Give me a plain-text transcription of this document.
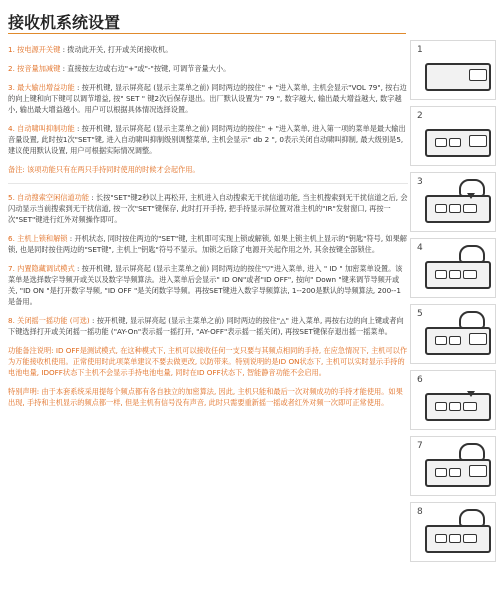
接收机系统设置
1. 按电源开关键 : 拨动此开关, 打开或关闭接收机。
2. 按音量加减键 : 直接按左边或右边"+"或"-"按键, 可调节音量大小。
3. 最大输出增益功能 : 按开机键, 显示屏亮起 (显示主菜单之前) 同时两边的按住" + "进入菜单, 主机会显示"VOL 79", 按右边的向上键和向下键可以调节增益, 按" SET " 键2次后保存退出。出厂默认设置为" 79 ", 数字越大, 输出最大增益越大, 数字越小, 输出最大增益越小。用户可以根据具体情况选择设置。
4. 自动啸叫抑制功能 : 按开机键, 显示屏亮起 (显示主菜单之前) 同时两边的按住" + "进入菜单, 进入第一项的菜单是最大输出音量设置, 此时按1次"SET"键, 进入自动啸叫抑制级别调整菜单, 主机会显示" db 2 ", 0表示关闭自动啸叫抑制, 最大级别是5, 建议使用默认设置, 用户可根据实际情况调整。
备注: 该项功能只有在两只手持同时使用的时候才会起作用。
5. 自动搜索空闲信道功能 : 长按"SET"键2秒以上再松开, 主机进入自动搜索无干扰信道功能, 当主机搜索到无干扰信道之后, 会闪动显示当前搜索到无干扰信道, 按一次"SET"键保存, 此时打开手持, 把手持显示屏位置对准主机的"IR"发射窗口, 再按一次"SET"键进行红外对频操作即可。
6. 主机上锁和解锁 : 开机状态, 同时按住两边的"SET"键, 主机即可实现上锁或解锁, 如果上锁主机上显示的"钥匙"符号, 如果解锁, 也是同时按住两边的"SET键", 主机上"钥匙"符号不显示。加锁之后除了电源开关起作用之外, 其余按键全部锁住。
7. 内置隐藏调试模式 : 按开机键, 显示屏亮起 (显示主菜单之前) 同时两边的按住"▽"进入菜单, 进入 " ID " 加密菜单设置。该菜单是选择数字导频开或关以及数字导频算法。进入菜单后会显示" ID ON"或者"ID OFF", 按向" Down "键来调节导频开或关, "ID ON "是打开数字导频, "ID OFF "是关闭数字导频。再按SET键进入数字导频算法, 1--200是默认的导频算法, 200--1是备用。
8. 关闭摇一摇功能 (可选) : 按开机键, 显示屏亮起 (显示主菜单之前) 同时两边的按住"△" 进入菜单, 再按右边的向上键或者向下键选择打开或关闭摇一摇功能 ("AY-On"表示摇一摇打开, "AY-OFF"表示摇一摇关闭), 再按SET键保存退出摇一摇菜单。
功能备注说明: ID OFF是测试模式, 在这种模式下, 主机可以接收任何一支只要与其频点相同的手持, 在应急情况下, 主机可以作为万能接收机使用。正常使用时此项菜单建议不要去做更改, 以防带来。特别说明的是ID ON状态下, 主机可以实时显示手持的电池电量, IDOFF状态下主机不会显示手持电池电量, 同时在ID OFF状态下, 智能静音功能不会启用。
特别声明: 由于本套系统采用提每个频点都有各自独立的加密算法, 因此, 主机只能和最后一次对频成功的手持才能使用。如果出现, 手持和主机显示的频点都一样, 但是主机有信号没有声音, 此时只需要重新摇一摇或者红外对频一次即可正常使用。
1
2
3
4
5
6
7
8
